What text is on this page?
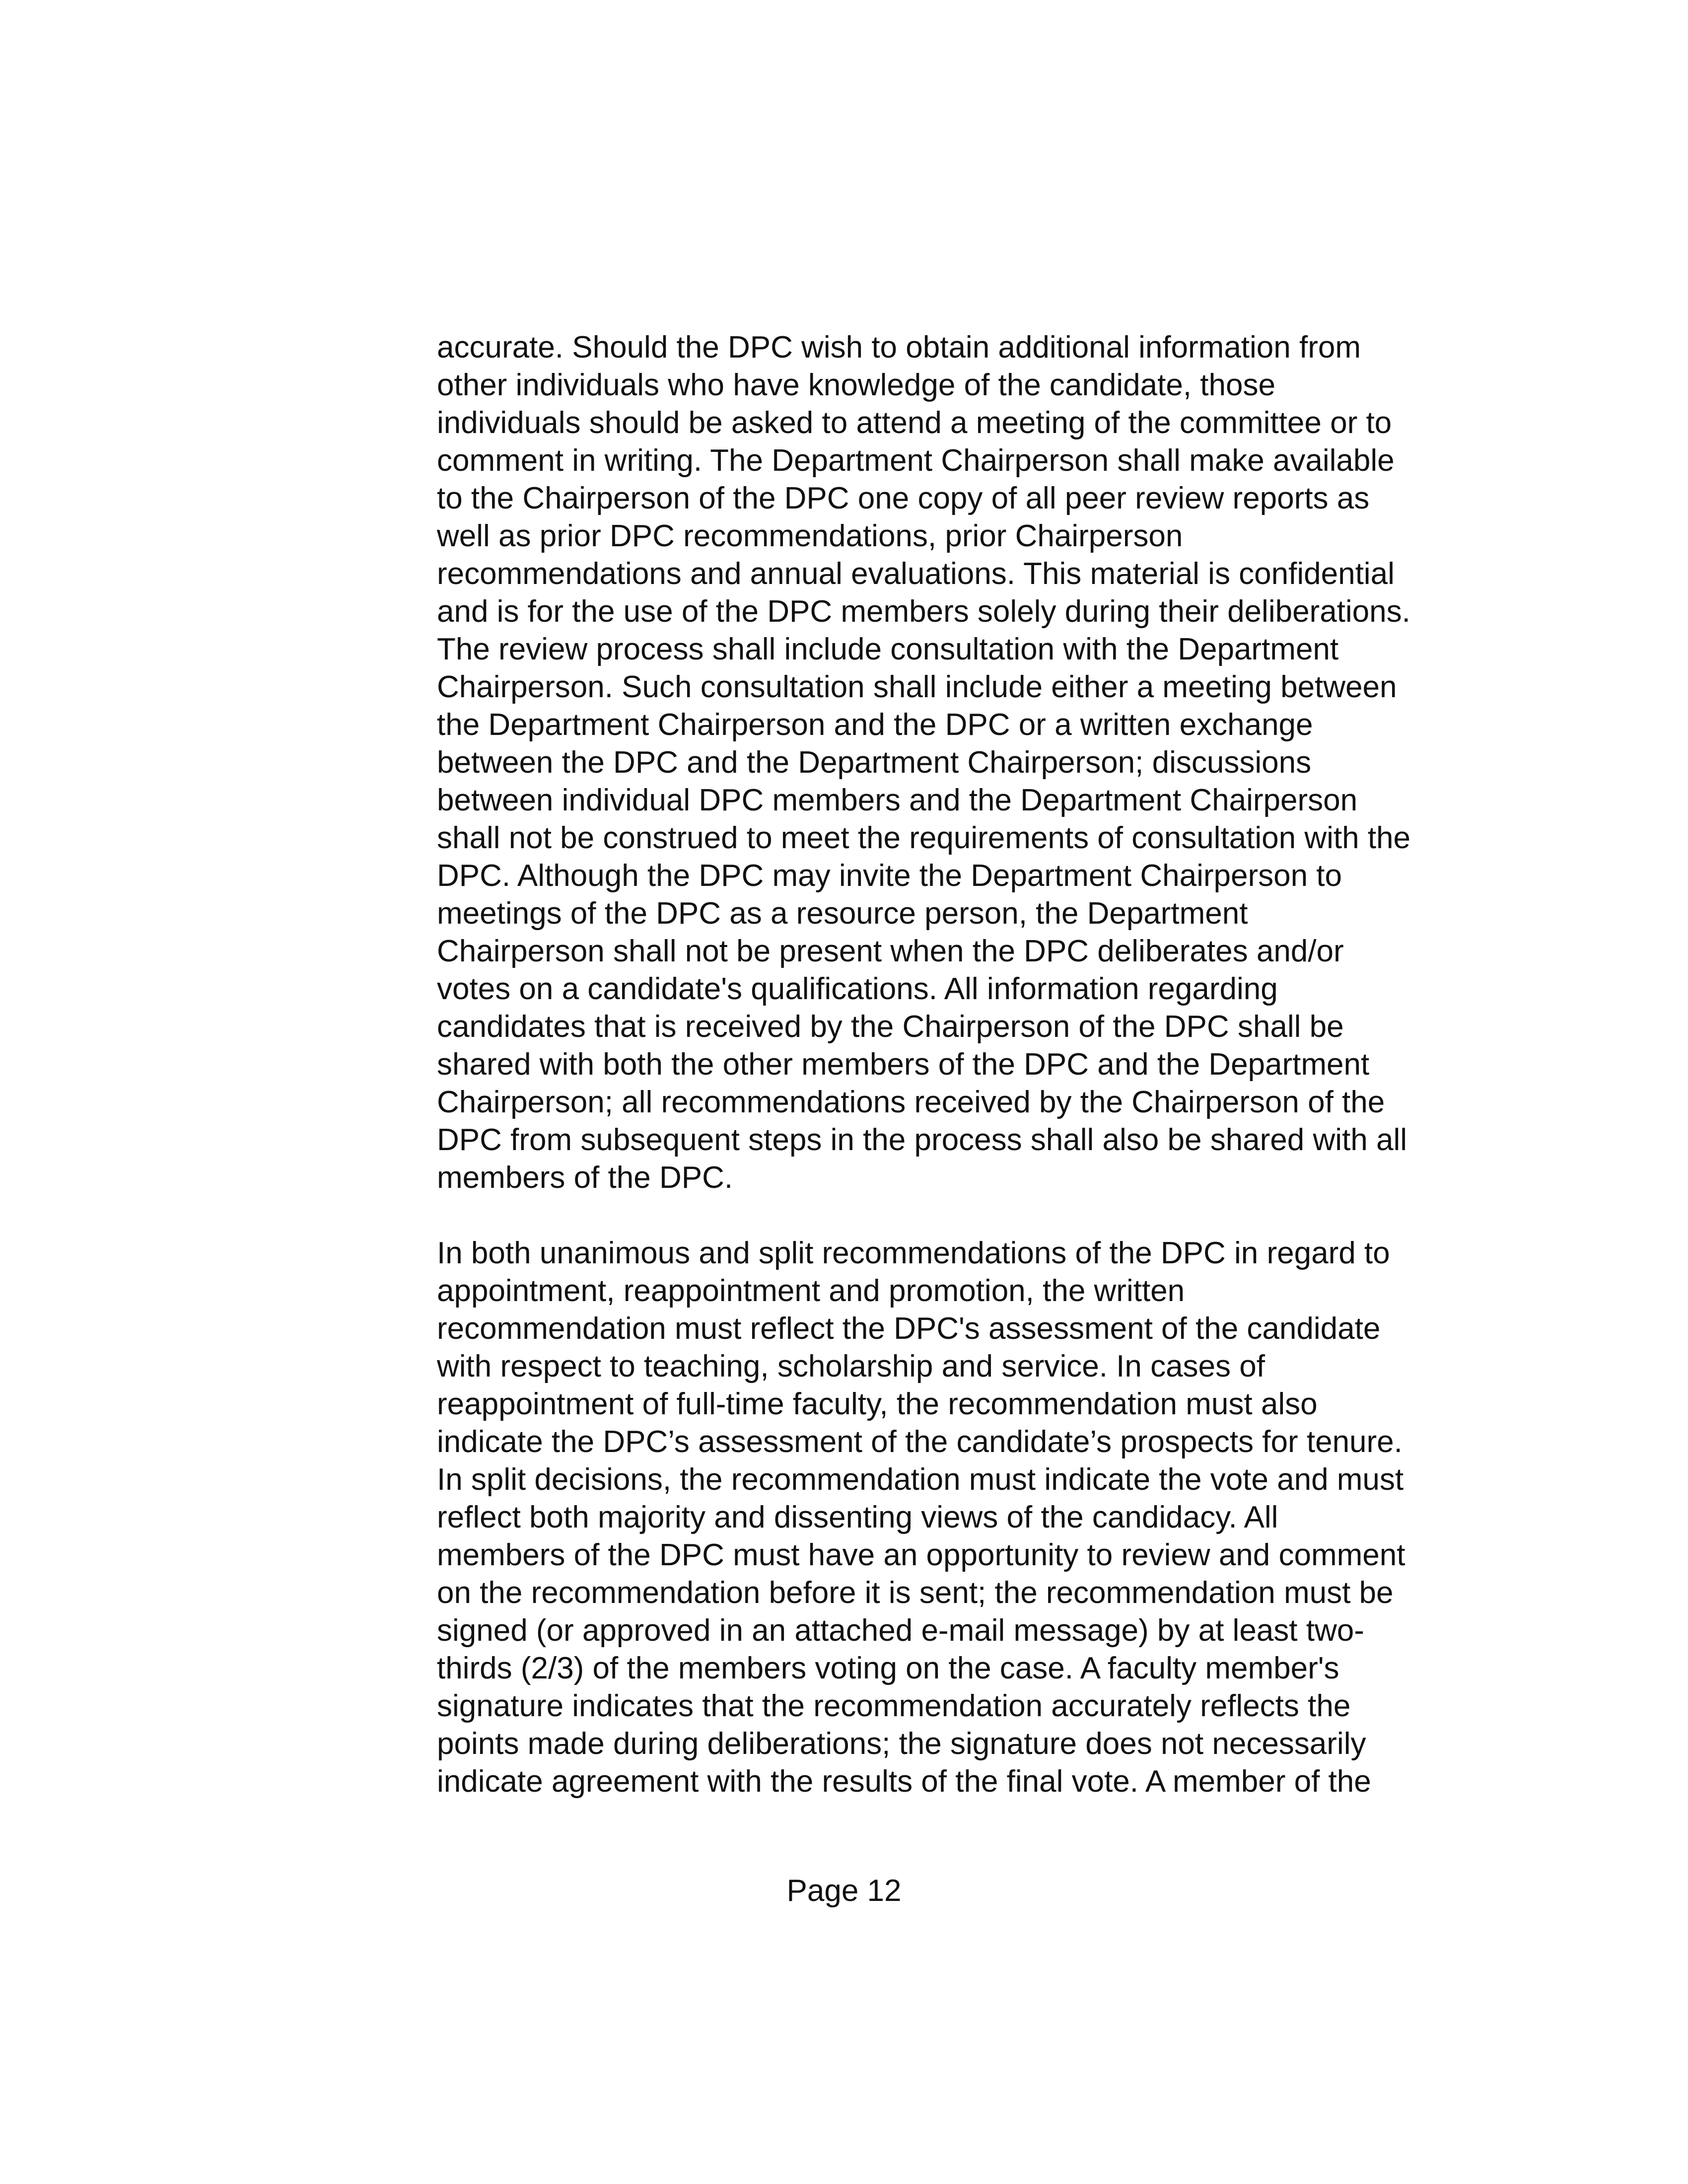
accurate. Should the DPC wish to obtain additional information from
other individuals who have knowledge of the candidate, those
individuals should be asked to attend a meeting of the committee or to
comment in writing. The Department Chairperson shall make available
to the Chairperson of the DPC one copy of all peer review reports as
well as prior DPC recommendations, prior Chairperson
recommendations and annual evaluations. This material is confidential
and is for the use of the DPC members solely during their deliberations.
The review process shall include consultation with the Department
Chairperson. Such consultation shall include either a meeting between
the Department Chairperson and the DPC or a written exchange
between the DPC and the Department Chairperson; discussions
between individual DPC members and the Department Chairperson
shall not be construed to meet the requirements of consultation with the
DPC. Although the DPC may invite the Department Chairperson to
meetings of the DPC as a resource person, the Department
Chairperson shall not be present when the DPC deliberates and/or
votes on a candidate's qualifications. All information regarding
candidates that is received by the Chairperson of the DPC shall be
shared with both the other members of the DPC and the Department
Chairperson; all recommendations received by the Chairperson of the
DPC from subsequent steps in the process shall also be shared with all
members of the DPC.

In both unanimous and split recommendations of the DPC in regard to
appointment, reappointment and promotion, the written
recommendation must reflect the DPC's assessment of the candidate
with respect to teaching, scholarship and service. In cases of
reappointment of full-time faculty, the recommendation must also
indicate the DPC’s assessment of the candidate’s prospects for tenure.
In split decisions, the recommendation must indicate the vote and must
reflect both majority and dissenting views of the candidacy. All
members of the DPC must have an opportunity to review and comment
on the recommendation before it is sent; the recommendation must be
signed (or approved in an attached e-mail message) by at least two-
thirds (2/3) of the members voting on the case. A faculty member's
signature indicates that the recommendation accurately reflects the
points made during deliberations; the signature does not necessarily
indicate agreement with the results of the final vote. A member of the

Page 12
